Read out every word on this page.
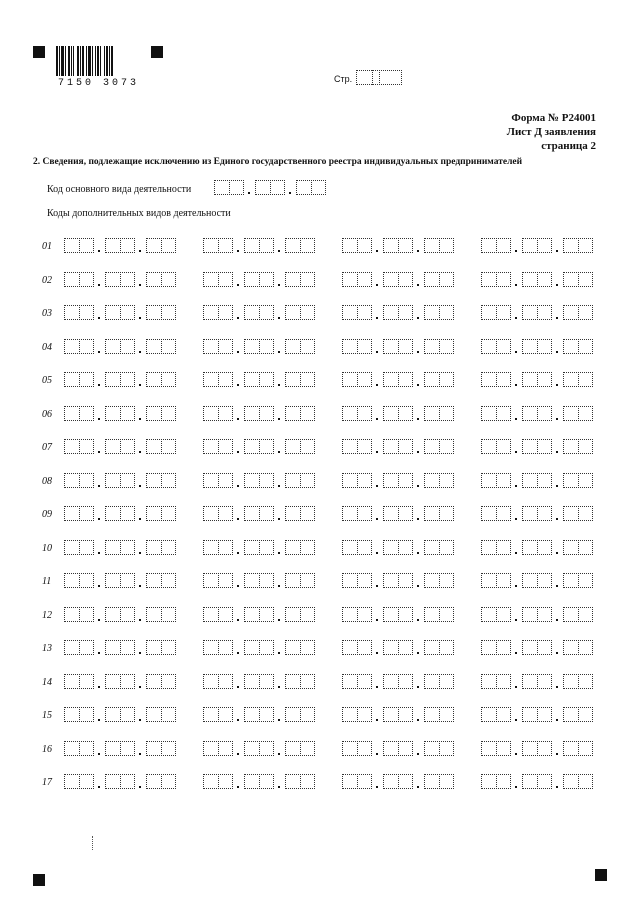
7150 3073	Стр.
Форма № Р24001
Лист Д заявления
страница 2
2. Сведения, подлежащие исключению из Единого государственного реестра индивидуальных предпринимателей
Код основного вида деятельности
Коды дополнительных видов деятельности
01
02
03
04
05
06
07
08
09
10
11
12
13
14
15
16
17
